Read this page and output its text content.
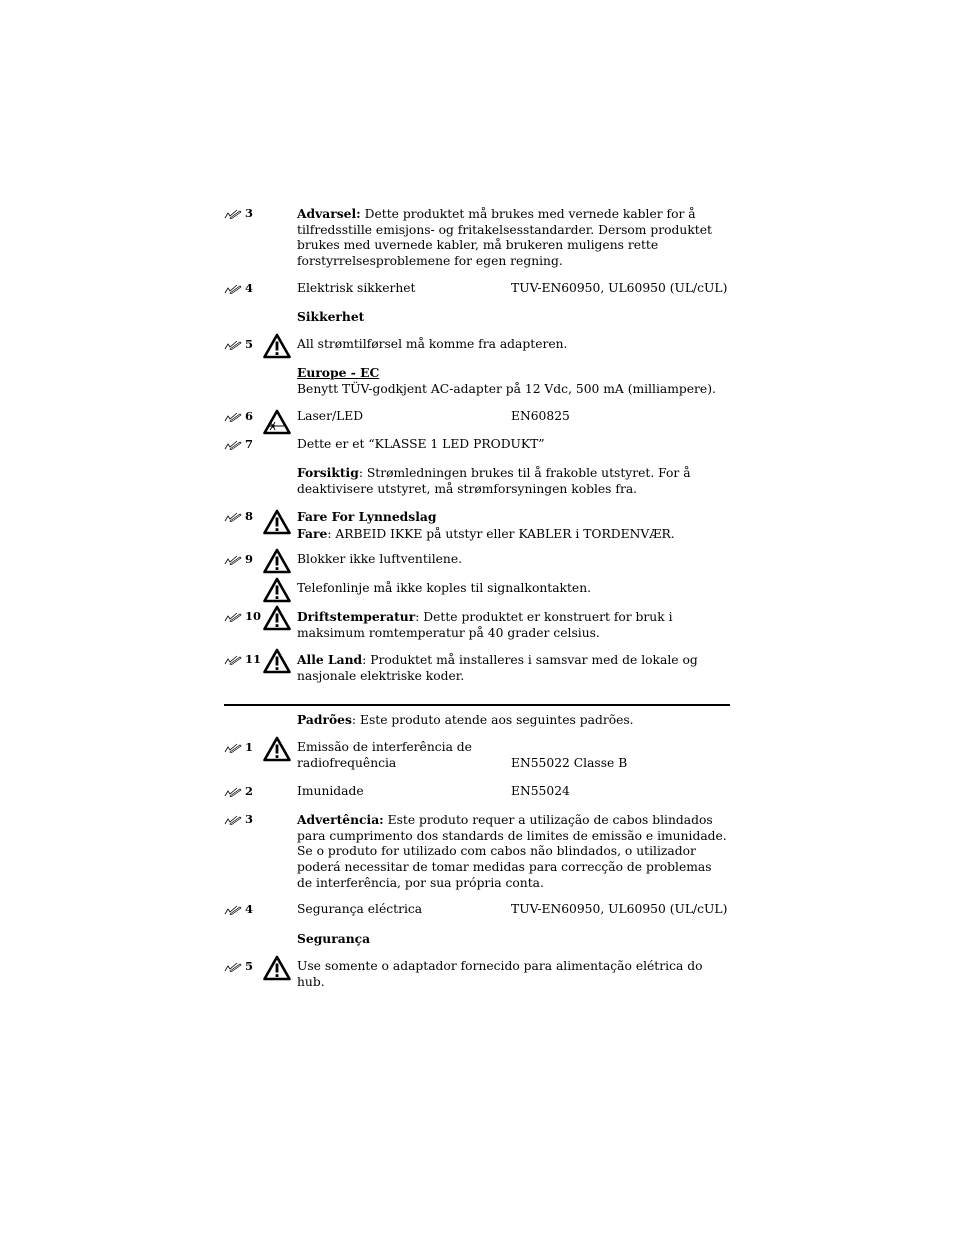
3	Advarsel: Dette produktet må brukes med vernede kabler for å tilfredsstille emisjons- og fritakelsesstandarder. Dersom produktet brukes med uvernede kabler, må brukeren muligens rette forstyrrelsesproblemene for egen regning.
4	Elektrisk sikkerhet	TUV-EN60950, UL60950 (UL/cUL)
Sikkerhet
5	All strømtilførsel må komme fra adapteren.
Europe - EC
Benytt TÜV-godkjent AC-adapter på 12 Vdc, 500 mA (milliampere).
6	Laser/LED	EN60825
7	Dette er et “KLASSE 1 LED PRODUKT”
Forsiktig: Strømledningen brukes til å frakoble utstyret. For å deaktivisere utstyret, må strømforsyningen kobles fra.
8	Fare For Lynnedslag
Fare: ARBEID IKKE på utstyr eller KABLER i TORDENVÆR.
9	Blokker ikke luftventilene.
Telefonlinje må ikke koples til signalkontakten.
10	Driftstemperatur: Dette produktet er konstruert for bruk i maksimum romtemperatur på 40 grader celsius.
11	Alle Land: Produktet må installeres i samsvar med de lokale og nasjonale elektriske koder.
Padrões: Este produto atende aos seguintes padrões.
1	Emissão de interferência de
radiofrequência	EN55022 Classe B
2	Imunidade	EN55024
3	Advertência: Este produto requer a utilização de cabos blindados para cumprimento dos standards de limites de emissão e imunidade. Se o produto for utilizado com cabos não blindados, o utilizador poderá necessitar de tomar medidas para correcção de problemas de interferência, por sua própria conta.
4	Segurança eléctrica	TUV-EN60950, UL60950 (UL/cUL)
Segurança
5	Use somente o adaptador fornecido para alimentação elétrica do hub.
